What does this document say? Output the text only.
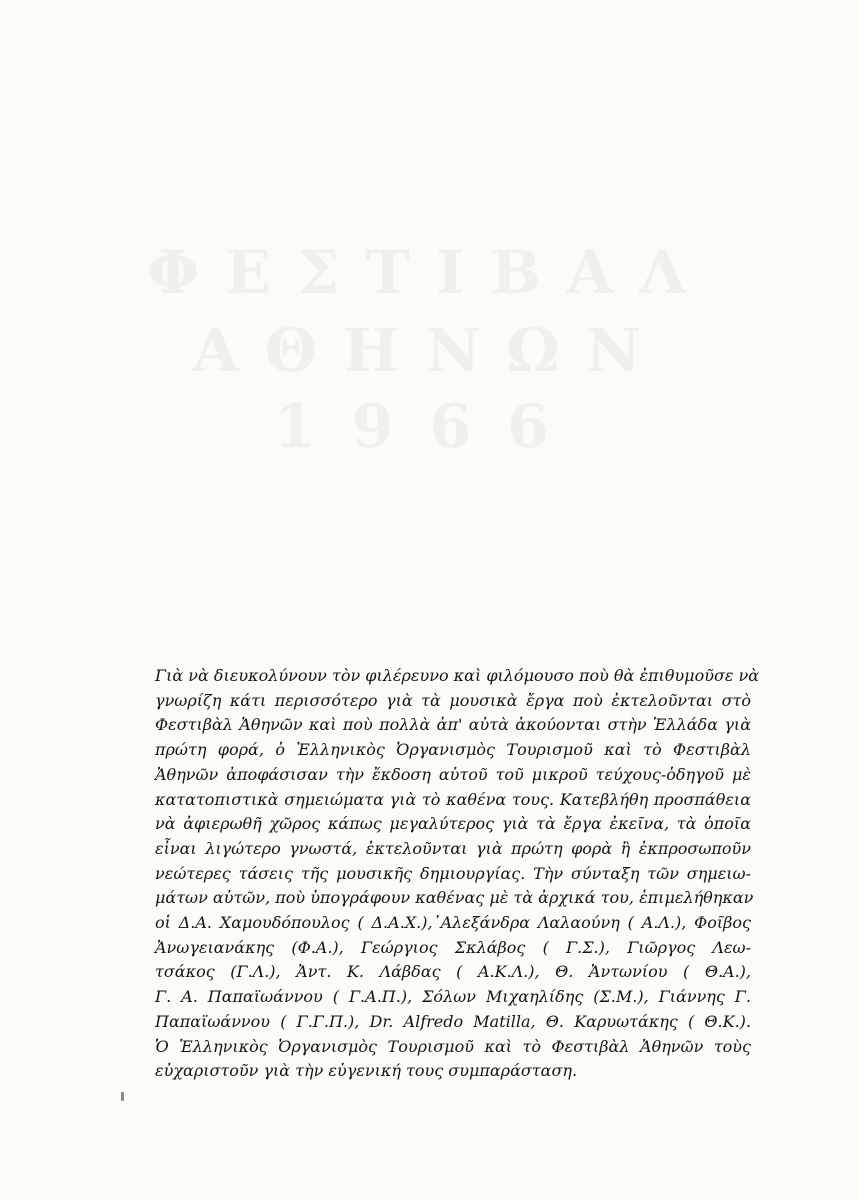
ΦΕΣΤΙΒΑΛ
ΑΘΗΝΩΝ
1966

Γιὰ νὰ διευκολύνουν τὸν φιλέρευνο καὶ φιλόμουσο ποὺ θὰ ἐπιθυμοῦσε νὰ
γνωρίζη κάτι περισσότερο γιὰ τὰ μουσικὰ ἔργα ποὺ ἐκτελοῦνται στὸ
Φεστιβὰλ Ἀθηνῶν καὶ ποὺ πολλὰ ἀπ' αὐτὰ ἀκούονται στὴν Ἑλλάδα γιὰ
πρώτη φορά, ὁ Ἑλληνικὸς Ὀργανισμὸς Τουρισμοῦ καὶ τὸ Φεστιβὰλ
Ἀθηνῶν ἀποφάσισαν τὴν ἔκδοση αὐτοῦ τοῦ μικροῦ τεύχους-ὁδηγοῦ μὲ
κατατοπιστικὰ σημειώματα γιὰ τὸ καθένα τους. Κατεβλήθη προσπάθεια
νὰ ἀφιερωθῆ χῶρος κάπως μεγαλύτερος γιὰ τὰ ἔργα ἐκεῖνα, τὰ ὁποῖα
εἶναι λιγώτερο γνωστά, ἐκτελοῦνται γιὰ πρώτη φορὰ ἢ ἐκπροσωποῦν
νεώτερες τάσεις τῆς μουσικῆς δημιουργίας. Τὴν σύνταξη τῶν σημειω-
μάτων αὐτῶν, ποὺ ὑπογράφουν καθένας μὲ τὰ ἀρχικά του, ἐπιμελήθηκαν
οἱ Δ.Α. Χαμουδόπουλος ( Δ.Α.Χ.),᾿Αλεξάνδρα Λαλαούνη ( Α.Λ.), Φοῖβος
Ἀνωγειανάκης (Φ.Α.), Γεώργιος Σκλάβος ( Γ.Σ.), Γιῶργος Λεω-
τσάκος (Γ.Λ.), Ἀντ. Κ. Λάβδας ( Α.Κ.Λ.), Θ. Ἀντωνίου ( Θ.Α.),
Γ. Α. Παπαϊωάννου ( Γ.Α.Π.), Σόλων Μιχαηλίδης (Σ.Μ.), Γιάννης Γ.
Παπαϊωάννου ( Γ.Γ.Π.), Dr. Alfredo Matilla, Θ. Καρυωτάκης ( Θ.Κ.).
Ὁ Ἑλληνικὸς Ὀργανισμὸς Τουρισμοῦ καὶ τὸ Φεστιβὰλ Ἀθηνῶν τοὺς
εὐχαριστοῦν γιὰ τὴν εὐγενική τους συμπαράσταση.
